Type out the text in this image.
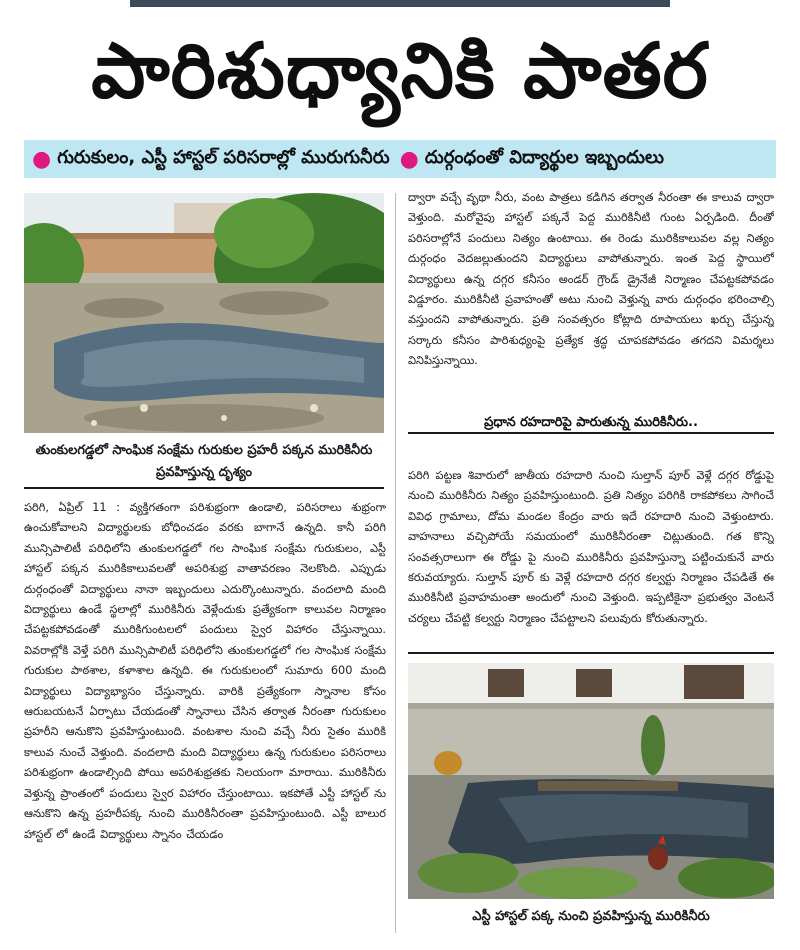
పారిశుధ్యానికి పాతర
● గురుకులం, ఎస్టీ హాస్టల్ పరిసరాల్లో మురుగునీరు ● దుర్గంధంతో విద్యార్థుల ఇబ్బందులు
తుంకులగడ్డలో సాంఘిక సంక్షేమ గురుకుల ప్రహరీ పక్కన మురికినీరు ప్రవహిస్తున్న దృశ్యం
పరిగి, ఏప్రిల్ 11 : వ్యక్తిగతంగా పరిశుభ్రంగా ఉండాలి, పరిసరాలు శుభ్రంగా ఉంచుకోవాలని విద్యార్థులకు బోధించడం వరకు బాగానే ఉన్నది. కానీ పరిగి మున్సిపాలిటీ పరిధిలోని తుంకులగడ్డలో గల సాంఘిక సంక్షేమ గురుకులం, ఎస్టీ హాస్టల్ పక్కన మురికికాలువలతో అపరిశుభ్ర వాతావరణం నెలకొంది. ఎప్పుడు దుర్గంధంతో విద్యార్థులు నానా ఇబ్బందులు ఎదుర్కొంటున్నారు. వందలాది మంది విద్యార్థులు ఉండే స్థలాల్లో మురికినీరు వెళ్లేందుకు ప్రత్యేకంగా కాలువల నిర్మాణం చేపట్టకపోవడంతో మురికిగుంటలలో పందులు స్వైర విహారం చేస్తున్నాయి. వివరాల్లోకి వెళ్తే పరిగి మున్సిపాలిటీ పరిధిలోని తుంకులగడ్డలో గల సాంఘిక సంక్షేమ గురుకుల పాఠశాల, కళాశాల ఉన్నది. ఈ గురుకులంలో సుమారు 600 మంది విద్యార్థులు విద్యాభ్యాసం చేస్తున్నారు. వారికి ప్రత్యేకంగా స్నానాల కోసం ఆరుబయటనే ఏర్పాటు చేయడంతో స్నానాలు చేసిన తర్వాత నీరంతా గురుకులం ప్రహరీని ఆనుకొని ప్రవహిస్తుంటుంది. వంటశాల నుంచి వచ్చే నీరు సైతం మురికి కాలువ నుంచే వెళ్తుంది. వందలాది మంది విద్యార్థులు ఉన్న గురుకులం పరిసరాలు పరిశుభ్రంగా ఉండాల్సింది పోయి అపరిశుభ్రతకు నిలయంగా మారాయి. మురికినీరు వెళ్తున్న ప్రాంతంలో పందులు స్వైర విహారం చేస్తుంటాయి. ఇకపోతే ఎస్టీ హాస్టల్ ను ఆనుకొని ఉన్న ప్రహరీపక్క నుంచి మురికినీరంతా ప్రవహిస్తుంటుంది. ఎస్టీ బాలుర హాస్టల్ లో ఉండే విద్యార్థులు స్నానం చేయడం
ద్వారా వచ్చే వృథా నీరు, వంట పాత్రలు కడిగిన తర్వాత నీరంతా ఈ కాలువ ద్వారా వెళ్తుంది. మరోవైపు హాస్టల్ పక్కనే పెద్ద మురికినీటి గుంట ఏర్పడింది. దీంతో పరిసరాల్లోనే పందులు నిత్యం ఉంటాయి. ఈ రెండు మురికికాలువల వల్ల నిత్యం దుర్గంధం వెదజల్లుతుందని విద్యార్థులు వాపోతున్నారు. ఇంత పెద్ద స్థాయిలో విద్యార్థులు ఉన్న దగ్గర కనీసం అండర్ గ్రౌండ్ డ్రైనేజీ నిర్మాణం చేపట్టకపోవడం విడ్డూరం. మురికినీటి ప్రవాహంతో అటు నుంచి వెళ్తున్న వారు దుర్గంధం భరించాల్సి వస్తుందని వాపోతున్నారు. ప్రతి సంవత్సరం కోట్లాది రూపాయలు ఖర్చు చేస్తున్న సర్కారు కనీసం పారిశుధ్యంపై ప్రత్యేక శ్రద్ధ చూపకపోవడం తగదని విమర్శలు వినిపిస్తున్నాయి.
ప్రధాన రహదారిపై పారుతున్న మురికినీరు..
పరిగి పట్టణ శివారులో జాతీయ రహదారి నుంచి సుల్తాన్ పూర్ వెళ్లే దగ్గర రోడ్డుపై నుంచి మురికినీరు నిత్యం ప్రవహిస్తుంటుంది. ప్రతి నిత్యం పరిగికి రాకపోకలు సాగించే వివిధ గ్రామాలు, దోమ మండల కేంద్రం వారు ఇదే రహదారి నుంచి వెళ్తుంటారు. వాహనాలు వచ్చిపోయే సమయంలో మురికినీరంతా చిట్లుతుంది. గత కొన్ని సంవత్సరాలుగా ఈ రోడ్డు పై నుంచి మురికినీరు ప్రవహిస్తున్నా పట్టించుకునే వారు కరువయ్యారు. సుల్తాన్ పూర్ కు వెళ్లే రహదారి దగ్గర కల్వర్టు నిర్మాణం చేపడితే ఈ మురికినీటి ప్రవాహమంతా అందులో నుంచి వెళ్తుంది. ఇప్పటికైనా ప్రభుత్వం వెంటనే చర్యలు చేపట్టి కల్వర్టు నిర్మాణం చేపట్టాలని పలువురు కోరుతున్నారు.
ఎస్టీ హాస్టల్ పక్క నుంచి ప్రవహిస్తున్న మురికినీరు
